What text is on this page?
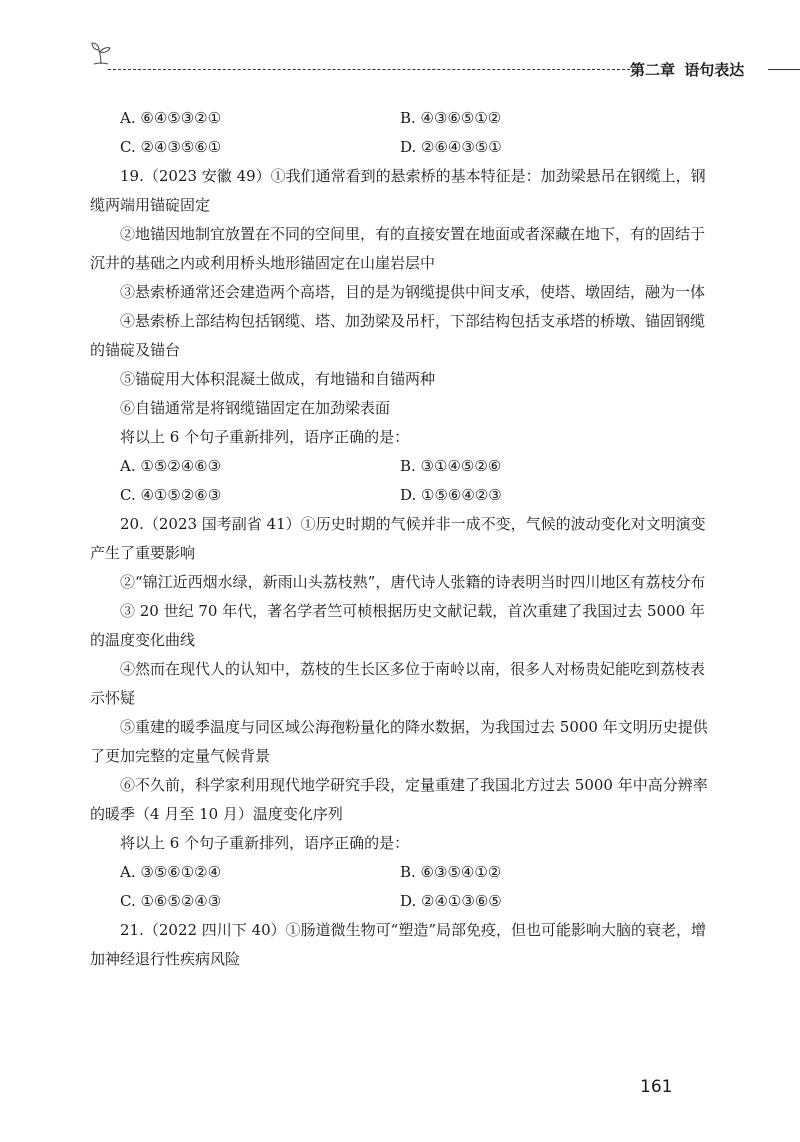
第二章 语句表达
A. ⑥④⑤③②①	B. ④③⑥⑤①②
C. ②④③⑤⑥①	D. ②⑥④③⑤①

19.（2023 安徽 49）①我们通常看到的悬索桥的基本特征是：加劲梁悬吊在钢缆上，钢缆两端用锚碇固定

②地锚因地制宜放置在不同的空间里，有的直接安置在地面或者深藏在地下，有的固结于沉井的基础之内或利用桥头地形锚固定在山崖岩层中

③悬索桥通常还会建造两个高塔，目的是为钢缆提供中间支承，使塔、墩固结，融为一体

④悬索桥上部结构包括钢缆、塔、加劲梁及吊杆，下部结构包括支承塔的桥墩、锚固钢缆的锚碇及锚台

⑤锚碇用大体积混凝土做成，有地锚和自锚两种

⑥自锚通常是将钢缆锚固定在加劲梁表面

将以上 6 个句子重新排列，语序正确的是：

A. ①⑤②④⑥③	B. ③①④⑤②⑥
C. ④①⑤②⑥③	D. ①⑤⑥④②③

20.（2023 国考副省 41）①历史时期的气候并非一成不变，气候的波动变化对文明演变产生了重要影响

②“锦江近西烟水绿，新雨山头荔枝熟”，唐代诗人张籍的诗表明当时四川地区有荔枝分布

③ 20 世纪 70 年代，著名学者竺可桢根据历史文献记载，首次重建了我国过去 5000 年的温度变化曲线

④然而在现代人的认知中，荔枝的生长区多位于南岭以南，很多人对杨贵妃能吃到荔枝表示怀疑

⑤重建的暖季温度与同区域公海孢粉量化的降水数据，为我国过去 5000 年文明历史提供了更加完整的定量气候背景

⑥不久前，科学家利用现代地学研究手段，定量重建了我国北方过去 5000 年中高分辨率的暖季（4 月至 10 月）温度变化序列

将以上 6 个句子重新排列，语序正确的是：

A. ③⑤⑥①②④	B. ⑥③⑤④①②
C. ①⑥⑤②④③	D. ②④①③⑥⑤

21.（2022 四川下 40）①肠道微生物可“塑造”局部免疫，但也可能影响大脑的衰老，增加神经退行性疾病风险

161
